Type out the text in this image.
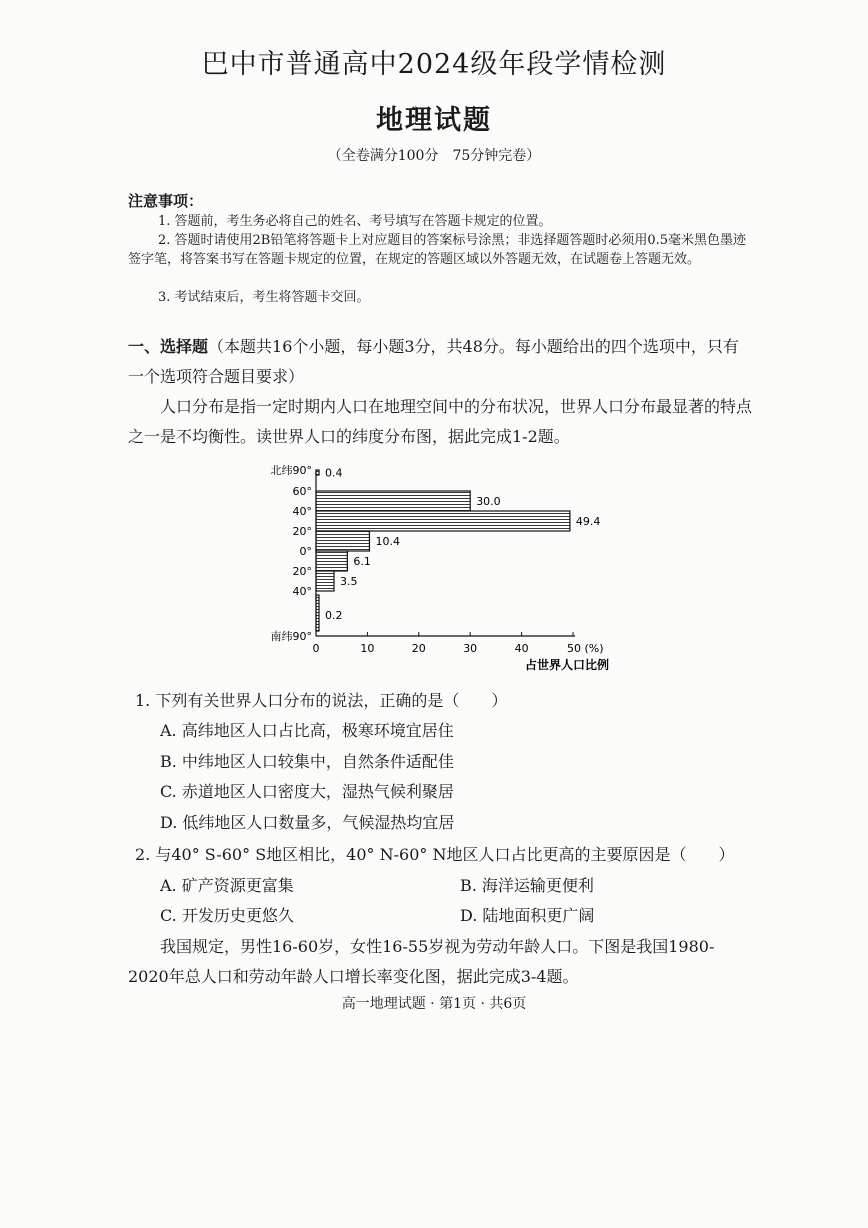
巴中市普通高中2024级年段学情检测
地理试题
（全卷满分100分　75分钟完卷）
注意事项：
1. 答题前，考生务必将自己的姓名、考号填写在答题卡规定的位置。
2. 答题时请使用2B铅笔将答题卡上对应题目的答案标号涂黑；非选择题答题时必须用0.5毫米黑色墨迹签字笔，将答案书写在答题卡规定的位置，在规定的答题区域以外答题无效，在试题卷上答题无效。
3. 考试结束后，考生将答题卡交回。
一、选择题（本题共16个小题，每小题3分，共48分。每小题给出的四个选项中，只有一个选项符合题目要求）
人口分布是指一定时期内人口在地理空间中的分布状况，世界人口分布最显著的特点之一是不均衡性。读世界人口的纬度分布图，据此完成1-2题。
北纬90°
60°
40°
20°
0°
20°
40°
南纬90°
0.4
30.0
49.4
10.4
6.1
3.5
0.2
0	10	20	30	40	50 (%)
占世界人口比例
1. 下列有关世界人口分布的说法，正确的是（　　）
A. 高纬地区人口占比高，极寒环境宜居住
B. 中纬地区人口较集中，自然条件适配佳
C. 赤道地区人口密度大，湿热气候利聚居
D. 低纬地区人口数量多，气候湿热均宜居
2. 与40° S-60° S地区相比，40° N-60° N地区人口占比更高的主要原因是（　　）
A. 矿产资源更富集	B. 海洋运输更便利
C. 开发历史更悠久	D. 陆地面积更广阔
我国规定，男性16-60岁，女性16-55岁视为劳动年龄人口。下图是我国1980-2020年总人口和劳动年龄人口增长率变化图，据此完成3-4题。
高一地理试题 · 第1页 · 共6页
